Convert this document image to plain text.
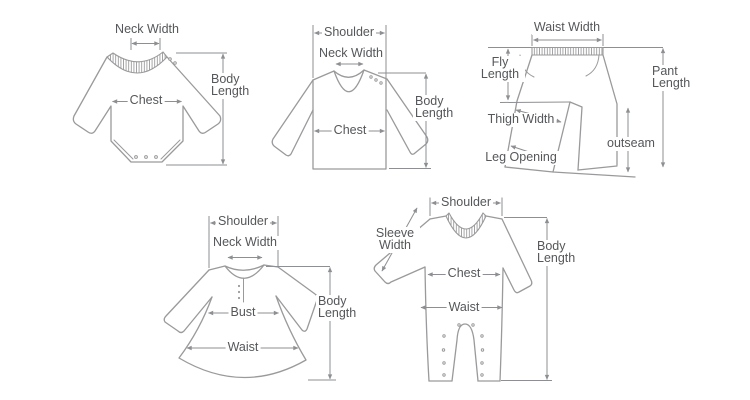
Neck Width
Chest
Body Length
Shoulder
Neck Width
Chest
Body Length
Waist Width
Fly Length
Thigh Width
Leg Opening
outseam
Pant Length
Shoulder
Neck Width
Bust
Waist
Body Length
Shoulder
Sleeve Width
Chest
Waist
Body Length
